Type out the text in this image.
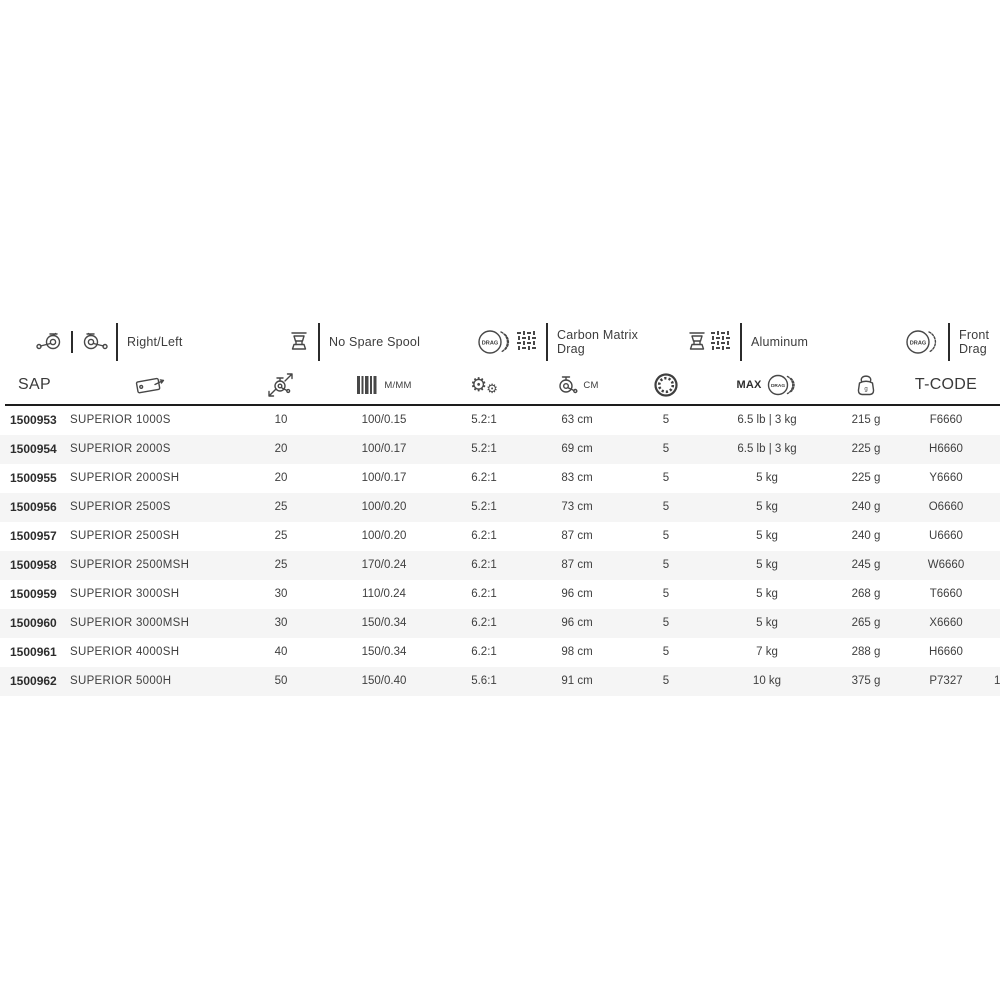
Right/Left	No Spare Spool	DRAG
Carbon Matrix Drag	Aluminum	DRAG
Front Drag
SAP	M/MM	⚙ ⚙	CM	MAX DRAG	g	T-CODE
1500953	SUPERIOR 1000S	10	100/0.15	5.2:1	63 cm	5	6.5 lb | 3 kg	215 g	F6660
1500954	SUPERIOR 2000S	20	100/0.17	5.2:1	69 cm	5	6.5 lb | 3 kg	225 g	H6660
1500955	SUPERIOR 2000SH	20	100/0.17	6.2:1	83 cm	5	5 kg	225 g	Y6660
1500956	SUPERIOR 2500S	25	100/0.20	5.2:1	73 cm	5	5 kg	240 g	O6660
1500957	SUPERIOR 2500SH	25	100/0.20	6.2:1	87 cm	5	5 kg	240 g	U6660
1500958	SUPERIOR 2500MSH	25	170/0.24	6.2:1	87 cm	5	5 kg	245 g	W6660
1500959	SUPERIOR 3000SH	30	110/0.24	6.2:1	96 cm	5	5 kg	268 g	T6660
1500960	SUPERIOR 3000MSH	30	150/0.34	6.2:1	96 cm	5	5 kg	265 g	X6660
1500961	SUPERIOR 4000SH	40	150/0.34	6.2:1	98 cm	5	7 kg	288 g	H6660
1500962	SUPERIOR 5000H	50	150/0.40	5.6:1	91 cm	5	10 kg	375 g	P7327	1
